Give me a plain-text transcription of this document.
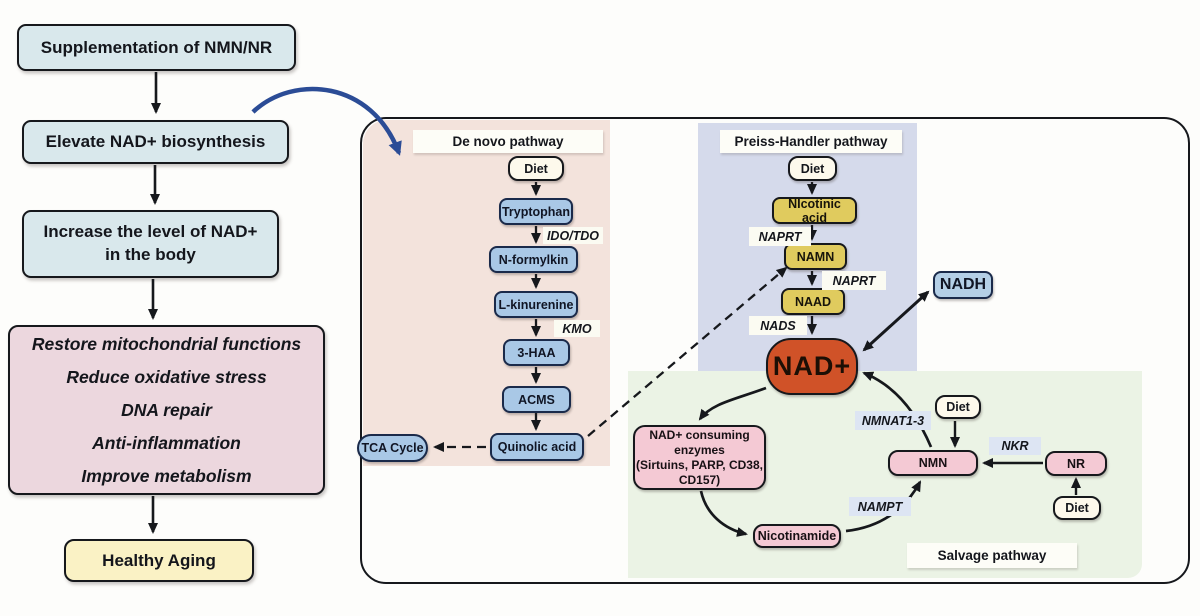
Supplementation of NMN/NR
Elevate NAD+ biosynthesis
Increase the level of NAD+ in the body
Restore mitochondrial functions
Reduce oxidative stress
DNA repair
Anti-inflammation
Improve metabolism
Healthy Aging
De novo pathway
Diet
Tryptophan
IDO/TDO
N-formylkin
L-kinurenine
KMO
3-HAA
ACMS
Quinolic acid
TCA Cycle
Preiss-Handler pathway
Diet
NIcotinic acid
NAPRT
NAMN
NAPRT
NAAD
NADS
NAD+
NADH
NAD+ consuming
enzymes
(Sirtuins, PARP, CD38,
CD157)
Nicotinamide
NAMPT
NMN
NMNAT1-3
Diet
NKR
NR
Diet
Salvage pathway
